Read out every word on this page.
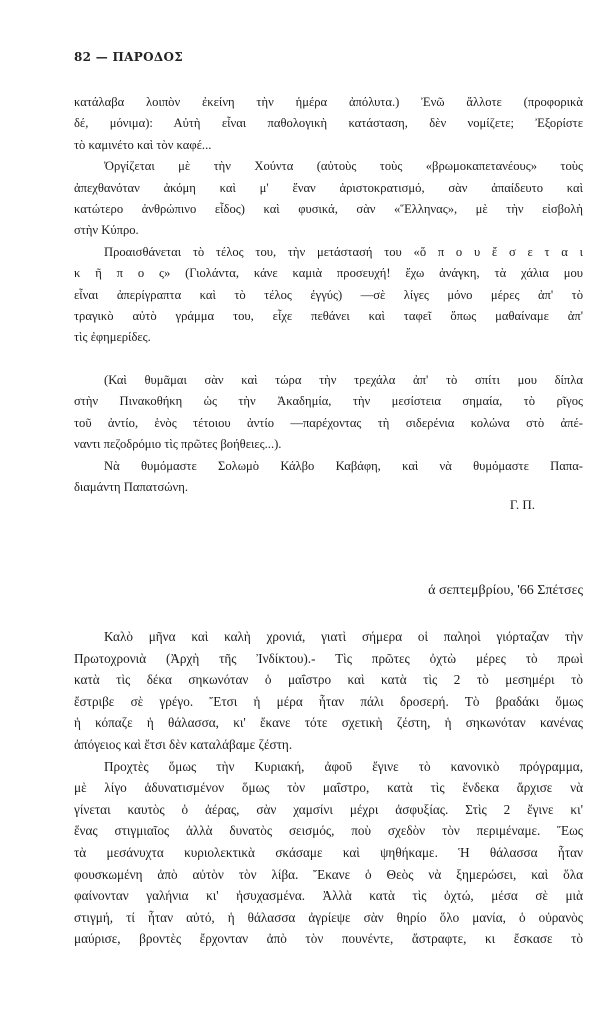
82 — ΠΑΡΟΔΟΣ
κατάλαβα λοιπὸν ἐκείνη τὴν ἡμέρα ἀπόλυτα.) Ἐνῶ ἄλλοτε (προφορικὰ
δέ, μόνιμα): Αὐτὴ εἶναι παθολογικὴ κατάσταση, δὲν νομίζετε; Ἐξορίστε
τὸ καμινέτο καὶ τὸν καφέ...
Ὀργίζεται μὲ τὴν Χούντα (αὐτοὺς τοὺς «βρωμοκαπετανέους» τοὺς
ἀπεχθανόταν ἀκόμη καὶ μ' ἕναν ἀριστοκρατισμό, σὰν ἀπαίδευτο καὶ
κατώτερο ἀνθρώπινο εἶδος) καὶ φυσικά, σὰν «Ἕλληνας», μὲ τὴν εἰσβολὴ
στὴν Κύπρο.
Προαισθάνεται τὸ τέλος του, τὴν μετάστασή του «ὅ π ο υ ἔ σ ε τ α ι
κ ῆ π ο ς» (Γιολάντα, κάνε καμιὰ προσευχή! ἔχω ἀνάγκη, τὰ χάλια μου
εἶναι ἀπερίγραπτα καὶ τὸ τέλος ἐγγύς) —σὲ λίγες μόνο μέρες ἀπ' τὸ
τραγικὸ αὐτὸ γράμμα του, εἶχε πεθάνει καὶ ταφεῖ ὅπως μαθαίναμε ἀπ'
τὶς ἐφημερίδες.
(Καὶ θυμᾶμαι σὰν καὶ τώρα τὴν τρεχάλα ἀπ' τὸ σπίτι μου δίπλα
στὴν Πινακοθήκη ὡς τὴν Ἀκαδημία, τὴν μεσίστεια σημαία, τὸ ρῖγος
τοῦ ἀντίο, ἑνὸς τέτοιου ἀντίο —παρέχοντας τὴ σιδερένια κολώνα στὸ ἀπέ-
ναντι πεζοδρόμιο τὶς πρῶτες βοήθειες...).
Νὰ θυμόμαστε Σολωμὸ Κάλβο Καβάφη, καὶ νὰ θυμόμαστε Παπα-
διαμάντη Παπατσώνη.
Γ. Π.
ά σεπτεμβρίου, '66 Σπέτσες
Καλὸ μῆνα καὶ καλὴ χρονιά, γιατὶ σήμερα οἱ παληοὶ γιόρταζαν τὴν
Πρωτοχρονιὰ (Ἀρχὴ τῆς Ἰνδίκτου).- Τὶς πρῶτες ὀχτὼ μέρες τὸ πρωὶ
κατὰ τὶς δέκα σηκωνόταν ὁ μαΐστρο καὶ κατὰ τὶς 2 τὸ μεσημέρι τὸ
ἔστριβε σὲ γρέγο. Ἔτσι ἡ μέρα ἦταν πάλι δροσερή. Τὸ βραδάκι ὅμως
ἡ κόπαζε ἡ θάλασσα, κι' ἔκανε τότε σχετικὴ ζέστη, ἡ σηκωνόταν κανένας
ἀπόγειος καὶ ἔτσι δὲν καταλάβαμε ζέστη.
Προχτὲς ὅμως τὴν Κυριακή, ἀφοῦ ἔγινε τὸ κανονικὸ πρόγραμμα,
μὲ λίγο ἀδυνατισμένον ὅμως τὸν μαΐστρο, κατὰ τὶς ἕνδεκα ἄρχισε νὰ
γίνεται καυτὸς ὁ ἀέρας, σὰν χαμσίνι μέχρι ἀσφυξίας. Στὶς 2 ἔγινε κι'
ἕνας στιγμιαῖος ἀλλὰ δυνατὸς σεισμός, ποὺ σχεδὸν τὸν περιμέναμε. Ἕως
τὰ μεσάνυχτα κυριολεκτικὰ σκάσαμε καὶ ψηθήκαμε. Ἡ θάλασσα ἦταν
φουσκωμένη ἀπὸ αὐτὸν τὸν λίβα. Ἔκανε ὁ Θεὸς νὰ ξημερώσει, καὶ ὅλα
φαίνονταν γαλήνια κι' ἠσυχασμένα. Ἀλλὰ κατὰ τὶς ὀχτώ, μέσα σὲ μιὰ
στιγμή, τί ἦταν αὐτό, ἡ θάλασσα ἀγρίεψε σὰν θηρίο ὅλο μανία, ὁ οὐρανὸς
μαύρισε, βροντὲς ἔρχονταν ἀπὸ τὸν πουνέντε, ἄστραφτε, κι ἔσκασε τὸ
